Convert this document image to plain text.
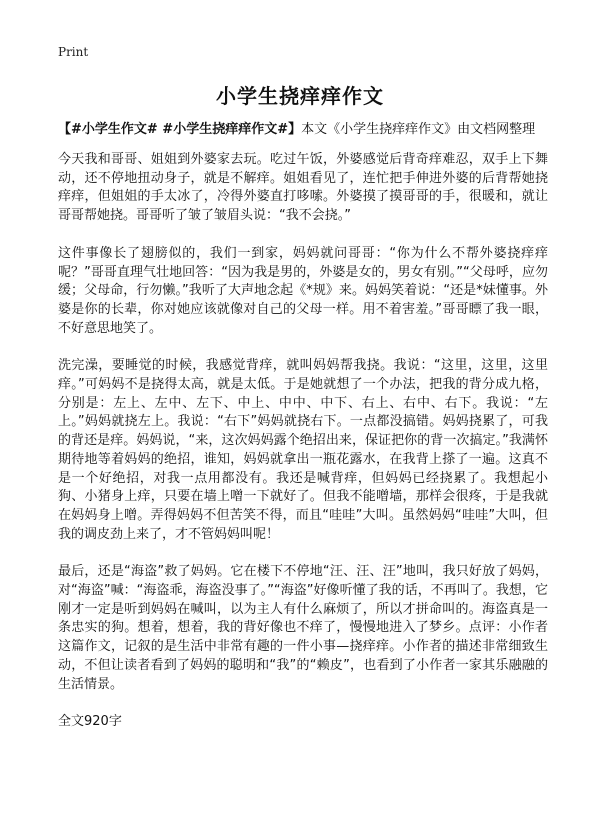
Print
小学生挠痒痒作文
【#小学生作文# #小学生挠痒痒作文#】本文《小学生挠痒痒作文》由文档网整理

今天我和哥哥、姐姐到外婆家去玩。吃过午饭，外婆感觉后背奇痒难忍，双手上下舞动，还不停地扭动身子，就是不解痒。姐姐看见了，连忙把手伸进外婆的后背帮她挠痒痒，但姐姐的手太冰了，冷得外婆直打哆嗦。外婆摸了摸哥哥的手，很暖和，就让哥哥帮她挠。哥哥听了皱了皱眉头说：“我不会挠。”

这件事像长了翅膀似的，我们一到家，妈妈就问哥哥：“你为什么不帮外婆挠痒痒呢？”哥哥直理气壮地回答：“因为我是男的，外婆是女的，男女有别。”“父母呼，应勿缓；父母命，行勿懒。”我听了大声地念起《*规》来。妈妈笑着说：“还是*妹懂事。外婆是你的长辈，你对她应该就像对自己的父母一样。用不着害羞。”哥哥瞟了我一眼，不好意思地笑了。

洗完澡，要睡觉的时候，我感觉背痒，就叫妈妈帮我挠。我说：“这里，这里，这里痒。”可妈妈不是挠得太高，就是太低。于是她就想了一个办法，把我的背分成九格，分别是：左上、左中、左下、中上、中中、中下、右上、右中、右下。我说：“左上。”妈妈就挠左上。我说：“右下”妈妈就挠右下。一点都没搞错。妈妈挠累了，可我的背还是痒。妈妈说，“来，这次妈妈露个绝招出来，保证把你的背一次搞定。”我满怀期待地等着妈妈的绝招，谁知，妈妈就拿出一瓶花露水，在我背上搽了一遍。这真不是一个好绝招，对我一点用都没有。我还是喊背痒，但妈妈已经挠累了。我想起小狗、小猪身上痒，只要在墙上噌一下就好了。但我不能噌墙，那样会很疼，于是我就在妈妈身上噌。弄得妈妈不但苦笑不得，而且“哇哇”大叫。虽然妈妈“哇哇”大叫，但我的调皮劲上来了，才不管妈妈叫呢！

最后，还是“海盗”救了妈妈。它在楼下不停地“汪、汪、汪”地叫，我只好放了妈妈，对“海盗”喊：“海盗乖，海盗没事了。”“海盗”好像听懂了我的话，不再叫了。我想，它刚才一定是听到妈妈在喊叫，以为主人有什么麻烦了，所以才拼命叫的。海盗真是一条忠实的狗。想着，想着，我的背好像也不痒了，慢慢地进入了梦乡。点评：小作者这篇作文，记叙的是生活中非常有趣的一件小事—挠痒痒。小作者的描述非常细致生动，不但让读者看到了妈妈的聪明和“我”的“赖皮”，也看到了小作者一家其乐融融的生活情景。

全文920字
